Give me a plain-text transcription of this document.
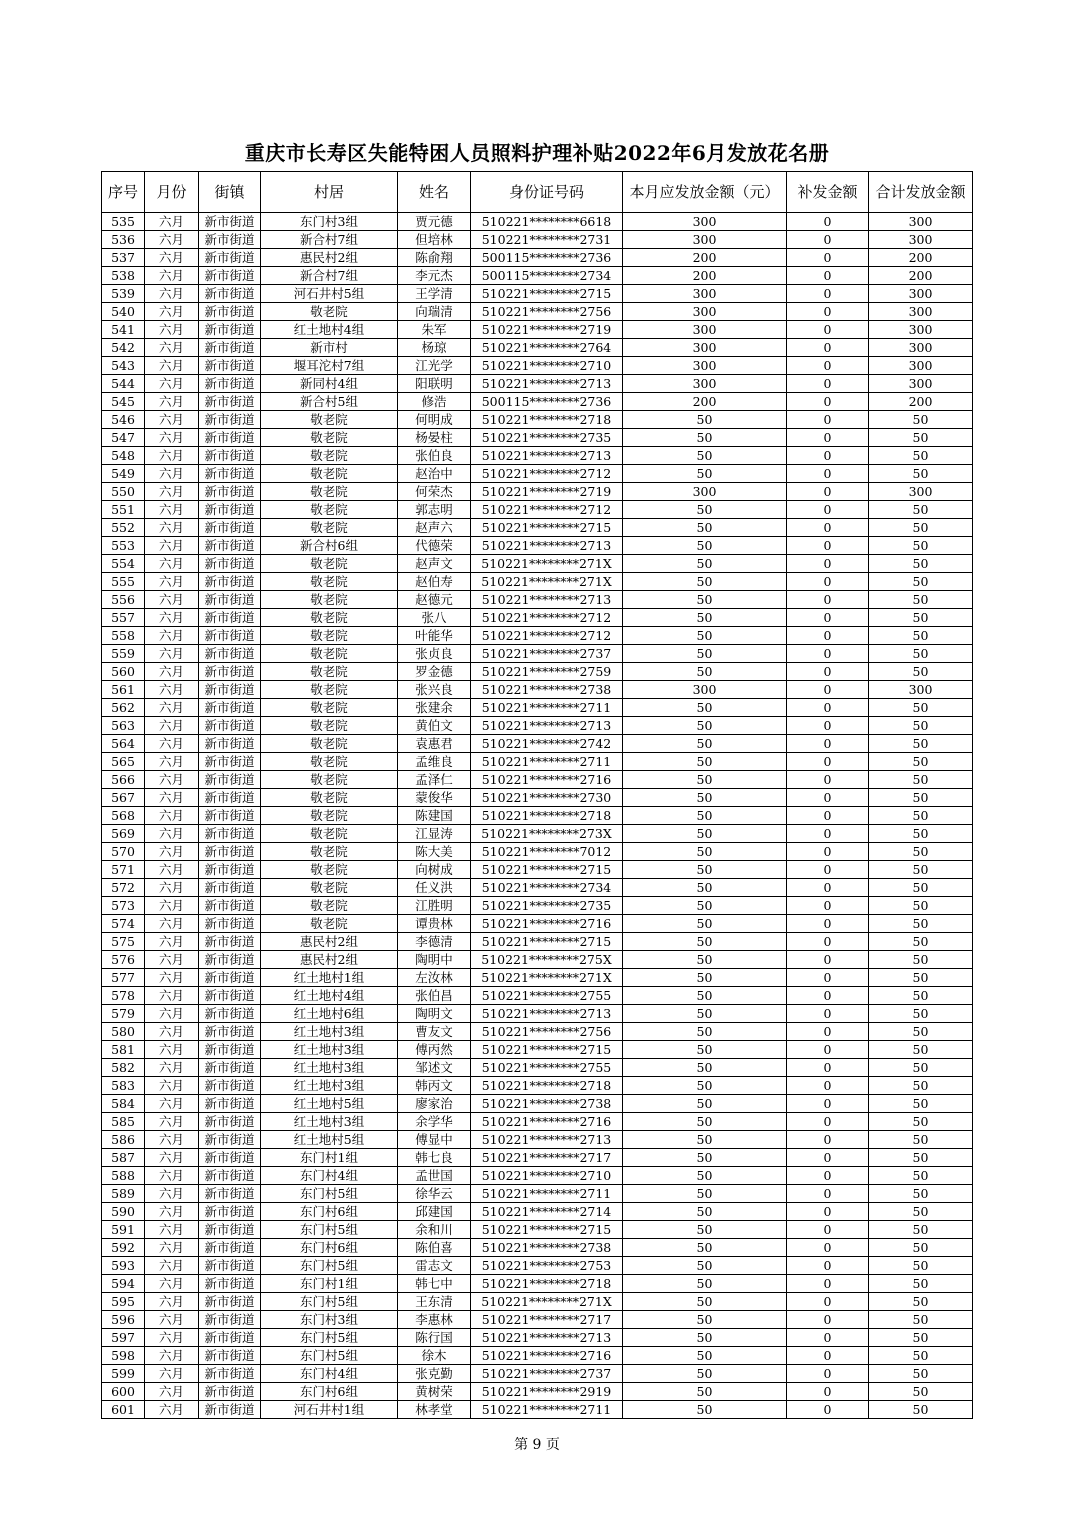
重庆市长寿区失能特困人员照料护理补贴2022年6月发放花名册
序号	月份	街镇	村居	姓名	身份证号码	本月应发放金额（元）	补发金额	合计发放金额
535	六月	新市街道	东门村3组	贾元德	510221********6618	300	0	300
536	六月	新市街道	新合村7组	但培林	510221********2731	300	0	300
537	六月	新市街道	惠民村2组	陈俞翔	500115********2736	200	0	200
538	六月	新市街道	新合村7组	李元杰	500115********2734	200	0	200
539	六月	新市街道	河石井村5组	王学清	510221********2715	300	0	300
540	六月	新市街道	敬老院	向瑞清	510221********2756	300	0	300
541	六月	新市街道	红土地村4组	朱军	510221********2719	300	0	300
542	六月	新市街道	新市村	杨琼	510221********2764	300	0	300
543	六月	新市街道	堰耳沱村7组	江光学	510221********2710	300	0	300
544	六月	新市街道	新同村4组	阳联明	510221********2713	300	0	300
545	六月	新市街道	新合村5组	修浩	500115********2736	200	0	200
546	六月	新市街道	敬老院	何明成	510221********2718	50	0	50
547	六月	新市街道	敬老院	杨晏柱	510221********2735	50	0	50
548	六月	新市街道	敬老院	张伯良	510221********2713	50	0	50
549	六月	新市街道	敬老院	赵治中	510221********2712	50	0	50
550	六月	新市街道	敬老院	何荣杰	510221********2719	300	0	300
551	六月	新市街道	敬老院	郭志明	510221********2712	50	0	50
552	六月	新市街道	敬老院	赵声六	510221********2715	50	0	50
553	六月	新市街道	新合村6组	代德荣	510221********2713	50	0	50
554	六月	新市街道	敬老院	赵声文	510221********271X	50	0	50
555	六月	新市街道	敬老院	赵伯寿	510221********271X	50	0	50
556	六月	新市街道	敬老院	赵德元	510221********2713	50	0	50
557	六月	新市街道	敬老院	张八	510221********2712	50	0	50
558	六月	新市街道	敬老院	叶能华	510221********2712	50	0	50
559	六月	新市街道	敬老院	张贞良	510221********2737	50	0	50
560	六月	新市街道	敬老院	罗金德	510221********2759	50	0	50
561	六月	新市街道	敬老院	张兴良	510221********2738	300	0	300
562	六月	新市街道	敬老院	张建余	510221********2711	50	0	50
563	六月	新市街道	敬老院	黄伯文	510221********2713	50	0	50
564	六月	新市街道	敬老院	袁惠君	510221********2742	50	0	50
565	六月	新市街道	敬老院	孟维良	510221********2711	50	0	50
566	六月	新市街道	敬老院	孟泽仁	510221********2716	50	0	50
567	六月	新市街道	敬老院	蒙俊华	510221********2730	50	0	50
568	六月	新市街道	敬老院	陈建国	510221********2718	50	0	50
569	六月	新市街道	敬老院	江显涛	510221********273X	50	0	50
570	六月	新市街道	敬老院	陈大美	510221********7012	50	0	50
571	六月	新市街道	敬老院	向树成	510221********2715	50	0	50
572	六月	新市街道	敬老院	任义洪	510221********2734	50	0	50
573	六月	新市街道	敬老院	江胜明	510221********2735	50	0	50
574	六月	新市街道	敬老院	谭贵林	510221********2716	50	0	50
575	六月	新市街道	惠民村2组	李德清	510221********2715	50	0	50
576	六月	新市街道	惠民村2组	陶明中	510221********275X	50	0	50
577	六月	新市街道	红土地村1组	左汝林	510221********271X	50	0	50
578	六月	新市街道	红土地村4组	张伯昌	510221********2755	50	0	50
579	六月	新市街道	红土地村6组	陶明文	510221********2713	50	0	50
580	六月	新市街道	红土地村3组	曹友文	510221********2756	50	0	50
581	六月	新市街道	红土地村3组	傅丙然	510221********2715	50	0	50
582	六月	新市街道	红土地村3组	邹述文	510221********2755	50	0	50
583	六月	新市街道	红土地村3组	韩丙文	510221********2718	50	0	50
584	六月	新市街道	红土地村5组	廖家治	510221********2738	50	0	50
585	六月	新市街道	红土地村3组	余学华	510221********2716	50	0	50
586	六月	新市街道	红土地村5组	傅显中	510221********2713	50	0	50
587	六月	新市街道	东门村1组	韩七良	510221********2717	50	0	50
588	六月	新市街道	东门村4组	孟世国	510221********2710	50	0	50
589	六月	新市街道	东门村5组	徐华云	510221********2711	50	0	50
590	六月	新市街道	东门村6组	邱建国	510221********2714	50	0	50
591	六月	新市街道	东门村5组	余和川	510221********2715	50	0	50
592	六月	新市街道	东门村6组	陈伯喜	510221********2738	50	0	50
593	六月	新市街道	东门村5组	雷志文	510221********2753	50	0	50
594	六月	新市街道	东门村1组	韩七中	510221********2718	50	0	50
595	六月	新市街道	东门村5组	王东清	510221********271X	50	0	50
596	六月	新市街道	东门村3组	李惠林	510221********2717	50	0	50
597	六月	新市街道	东门村5组	陈行国	510221********2713	50	0	50
598	六月	新市街道	东门村5组	徐木	510221********2716	50	0	50
599	六月	新市街道	东门村4组	张克勤	510221********2737	50	0	50
600	六月	新市街道	东门村6组	黄树荣	510221********2919	50	0	50
601	六月	新市街道	河石井村1组	林孝堂	510221********2711	50	0	50
第 9 页
